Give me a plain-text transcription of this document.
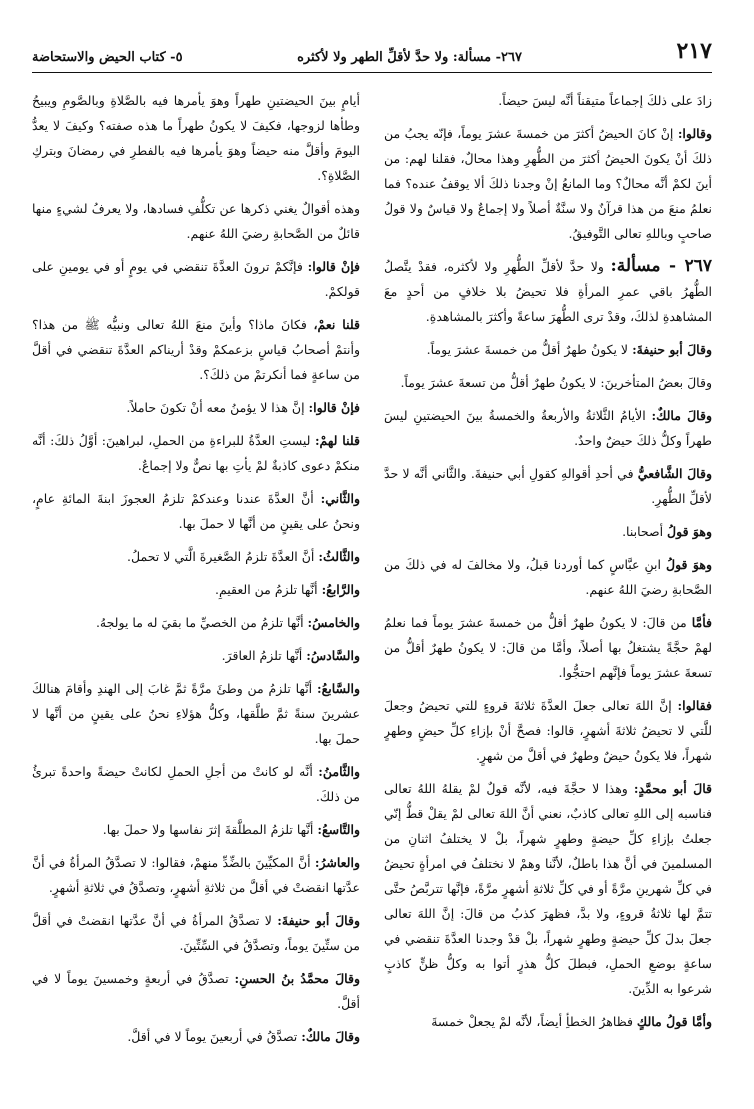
٢١٧
٢٦٧- مسألة: ولا حدَّ لأقلِّ الطهر ولا لأكثره
٥- كتاب الحيض والاستحاضة

زادَ على ذلكَ إجماعاً متيقناً أنَّه ليسَ حيضاً.

وقالوا: إنْ كانَ الحيضُ أكثرَ من خمسةَ عشرَ يوماً، فإنّه يجبُ من ذلكَ أنْ يكونَ الحيضُ أكثرَ من الطُّهرِ وهذا محالٌ، فقلنا لهم: من أينَ لكمْ أنَّه محالٌ؟ وما المانعُ إنْ وجدنا ذلكَ ألا يوقفُ عنده؟ فما نعلمُ منعَ من هذا قرآنٌ ولا سنَّةٌ أصلاً ولا إجماعٌ ولا قياسٌ ولا قولُ صاحبٍ وباللهِ تعالى التَّوفيقُ.

٢٦٧ - مسألة: ولا حدَّ لأقلِّ الطُّهرِ ولا لأكثره، فقدْ يتَّصلُ الطُّهرُ باقي عمرِ المرأةِ فلا تحيضُ بلا خلافٍ من أحدٍ معَ المشاهدةِ لذلكَ، وقدْ ترى الطُّهرَ ساعةً وأكثرَ بالمشاهدةِ.

وقالَ أبو حنيفةَ: لا يكونُ طهرٌ أقلُّ من خمسةَ عشرَ يوماً.

وقالَ بعضُ المتأخرينَ: لا يكونُ طهرٌ أقلُّ من تسعةَ عشرَ يوماً.

وقالَ مالكٌ: الأيامُ الثَّلاثةُ والأربعةُ والخمسةُ بينَ الحيضتينِ ليسَ طهراً وكلُّ ذلكَ حيضٌ واحدٌ.

وقالَ الشَّافعيُّ في أحدِ أقوالهِ كقولِ أبي حنيفةَ. والثَّاني أنَّه لا حدَّ لأقلِّ الطُّهرِ.

وهوَ قولُ أصحابنا.

وهوَ قولُ ابنِ عبَّاسٍ كما أوردنا قبلُ، ولا مخالفَ له في ذلكَ من الصَّحابةِ رضيَ اللهُ عنهم.

فأمَّا من قالَ: لا يكونُ طهرٌ أقلُّ من خمسةَ عشرَ يوماً فما نعلمُ لهمْ حجَّةً يشتغلُ بها أصلاً، وأمَّا من قالَ: لا يكونُ طهرٌ أقلُّ من تسعةَ عشرَ يوماً فإنَّهم احتجُّوا.

فقالوا: إنَّ اللهَ تعالى جعلَ العدَّةَ ثلاثةَ قروءٍ للتي تحيضُ وجعلَ للَّتي لا تحيضُ ثلاثةَ أشهرٍ، قالوا: فصحَّ أنْ بإزاءِ كلِّ حيضٍ وطهرٍ شهراً، فلا يكونُ حيضٌ وطهرٌ في أقلَّ من شهرٍ.

قالَ أبو محمَّدٍ: وهذا لا حجَّةَ فيه، لأنَّه قولٌ لمْ يقلهُ اللهُ تعالى فناسبه إلى اللهِ تعالى كاذبٌ، نعني أنَّ اللهَ تعالى لمْ يقلْ قطُّ إنّي جعلتُ بإزاءِ كلِّ حيضةٍ وطهرٍ شهراً، بلْ لا يختلفُ اثنانِ من المسلمينَ في أنَّ هذا باطلٌ، لأنَّنا وهمْ لا نختلفُ في امرأةٍ تحيضُ في كلِّ شهرينِ مرَّةً أو في كلِّ ثلاثةِ أشهرٍ مرَّةً، فإنَّها تتربَّصُ حتَّى تتمَّ لها ثلاثةُ قروءٍ، ولا بدَّ، فظهرَ كذبُ من قالَ: إنَّ اللهَ تعالى جعلَ بدلَ كلِّ حيضةٍ وطهرٍ شهراً، بلْ قدْ وجدنا العدَّةَ تنقضي في ساعةٍ بوضعِ الحملِ، فبطلَ كلُّ هذرٍ أتوا به وكلُّ ظنٍّ كاذبٍ شرعوا به الدِّينَ.

وأمَّا قولُ مالكٍ فظاهرُ الخطأِ أيضاً، لأنَّه لمْ يجعلْ خمسةَ

أيامٍ بينَ الحيضتينِ طهراً وهوَ يأمرها فيه بالصَّلاةِ وبالصَّومِ ويبيحُ وطأها لزوجها، فكيفَ لا يكونُ طهراً ما هذه صفته؟ وكيفَ لا يعدُّ اليومَ وأقلَّ منه حيضاً وهوَ يأمرها فيه بالفطرِ في رمضانَ وبتركِ الصَّلاةِ؟.

وهذه أقوالٌ يغني ذكرها عن تكلُّفِ فسادها، ولا يعرفُ لشيءٍ منها قائلٌ من الصَّحابةِ رضيَ اللهُ عنهم.

فإنْ قالوا: فإنَّكمْ ترونَ العدَّةَ تنقضي في يومٍ أو في يومينِ على قولكمْ.

قلنا نعمْ، فكانَ ماذا؟ وأينَ منعَ اللهُ تعالى ونبيُّه ﷺ من هذا؟ وأنتمْ أصحابُ قياسٍ بزعمكمْ وقدْ أريناكم العدَّةَ تنقضي في أقلَّ من ساعةٍ فما أنكرتمْ من ذلكَ؟.

فإنْ قالوا: إنَّ هذا لا يؤمنُ معه أنْ تكونَ حاملاً.

قلنا لهمْ: ليستِ العدَّةُ للبراءةِ من الحملِ، لبراهينَ: أوَّلُ ذلكَ: أنَّه منكمْ دعوى كاذبةٌ لمْ يأتِ بها نصٌّ ولا إجماعٌ.

والثَّاني: أنَّ العدَّةَ عندنا وعندكمْ تلزمُ العجوزَ ابنةَ المائةِ عامٍ، ونحنُ على يقينٍ من أنَّها لا حملَ بها.

والثَّالثُ: أنَّ العدَّةَ تلزمُ الصَّغيرةَ الَّتي لا تحملُ.

والرَّابعُ: أنَّها تلزمُ من العقيمِ.

والخامسُ: أنَّها تلزمُ من الخصيِّ ما بقيَ له ما يولجهُ.

والسَّادسُ: أنَّها تلزمُ العاقرَ.

والسَّابعُ: أنَّها تلزمُ من وطئَ مرَّةً ثمَّ غابَ إلى الهندِ وأقامَ هنالكَ عشرينَ سنةً ثمَّ طلَّقها، وكلُّ هؤلاءِ نحنُ على يقينٍ من أنَّها لا حملَ بها.

والثَّامنُ: أنَّه لو كانتْ من أجلِ الحملِ لكانتْ حيضةً واحدةً تبرئُ من ذلكَ.

والتَّاسعُ: أنَّها تلزمُ المطلَّقةَ إثرَ نفاسها ولا حملَ بها.

والعاشرُ: أنَّ المكيِّينَ بالضِّدِّ منهمْ، فقالوا: لا تصدَّقُ المرأةُ في أنَّ عدَّتها انقضتْ في أقلَّ من ثلاثةِ أشهرٍ، وتصدَّقُ في ثلاثةِ أشهرٍ.

وقالَ أبو حنيفةَ: لا تصدَّقُ المرأةُ في أنَّ عدَّتها انقضتْ في أقلَّ من ستِّينَ يوماً، وتصدَّقُ في السِّتِّينَ.

وقالَ محمَّدُ بنُ الحسنِ: تصدَّقُ في أربعةٍ وخمسينَ يوماً لا في أقلَّ.

وقالَ مالكٌ: تصدَّقُ في أربعينَ يوماً لا في أقلَّ.
